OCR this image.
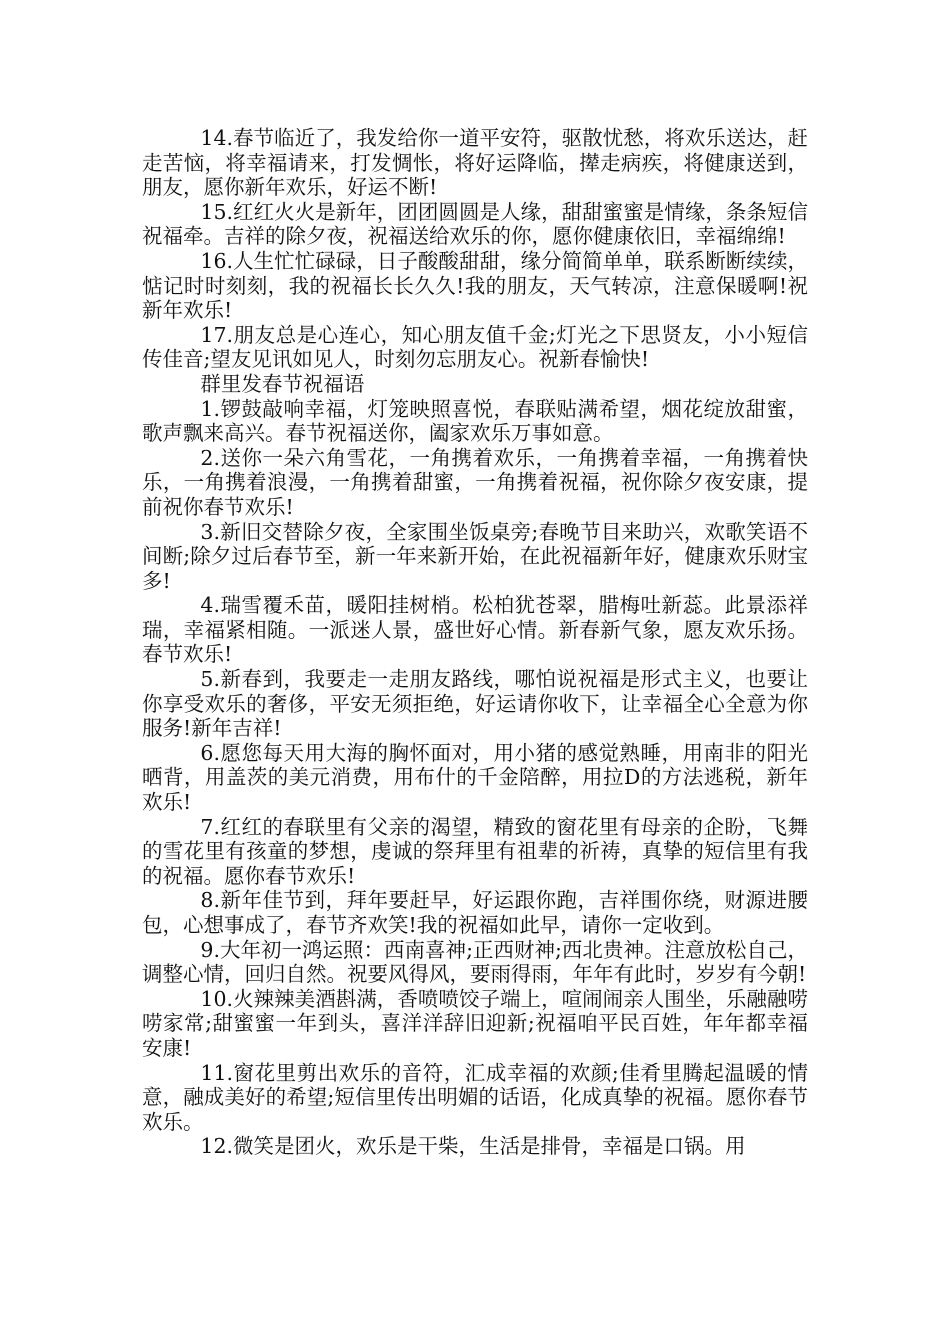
14.春节临近了，我发给你一道平安符，驱散忧愁，将欢乐送达，赶走苦恼，将幸福请来，打发惆怅，将好运降临，撵走病疾，将健康送到，朋友，愿你新年欢乐，好运不断!

15.红红火火是新年，团团圆圆是人缘，甜甜蜜蜜是情缘，条条短信祝福牵。吉祥的除夕夜，祝福送给欢乐的你，愿你健康依旧，幸福绵绵!

16.人生忙忙碌碌，日子酸酸甜甜，缘分简简单单，联系断断续续，惦记时时刻刻，我的祝福长长久久!我的朋友，天气转凉，注意保暖啊!祝新年欢乐!

17.朋友总是心连心，知心朋友值千金;灯光之下思贤友，小小短信传佳音;望友见讯如见人，时刻勿忘朋友心。祝新春愉快!

群里发春节祝福语

1.锣鼓敲响幸福，灯笼映照喜悦，春联贴满希望，烟花绽放甜蜜，歌声飘来高兴。春节祝福送你，阖家欢乐万事如意。

2.送你一朵六角雪花，一角携着欢乐，一角携着幸福，一角携着快乐，一角携着浪漫，一角携着甜蜜，一角携着祝福，祝你除夕夜安康，提前祝你春节欢乐!

3.新旧交替除夕夜，全家围坐饭桌旁;春晚节目来助兴，欢歌笑语不间断;除夕过后春节至，新一年来新开始，在此祝福新年好，健康欢乐财宝多!

4.瑞雪覆禾苗，暖阳挂树梢。松柏犹苍翠，腊梅吐新蕊。此景添祥瑞，幸福紧相随。一派迷人景，盛世好心情。新春新气象，愿友欢乐扬。春节欢乐!

5.新春到，我要走一走朋友路线，哪怕说祝福是形式主义，也要让你享受欢乐的奢侈，平安无须拒绝，好运请你收下，让幸福全心全意为你服务!新年吉祥!

6.愿您每天用大海的胸怀面对，用小猪的感觉熟睡，用南非的阳光晒背，用盖茨的美元消费，用布什的千金陪醉，用拉D的方法逃税，新年欢乐!

7.红红的春联里有父亲的渴望，精致的窗花里有母亲的企盼，飞舞的雪花里有孩童的梦想，虔诚的祭拜里有祖辈的祈祷，真挚的短信里有我的祝福。愿你春节欢乐!

8.新年佳节到，拜年要赶早，好运跟你跑，吉祥围你绕，财源进腰包，心想事成了，春节齐欢笑!我的祝福如此早，请你一定收到。

9.大年初一鸿运照：西南喜神;正西财神;西北贵神。注意放松自己，调整心情，回归自然。祝要风得风，要雨得雨，年年有此时，岁岁有今朝!

10.火辣辣美酒斟满，香喷喷饺子端上，喧闹闹亲人围坐，乐融融唠唠家常;甜蜜蜜一年到头，喜洋洋辞旧迎新;祝福咱平民百姓，年年都幸福安康!

11.窗花里剪出欢乐的音符，汇成幸福的欢颜;佳肴里腾起温暖的情意，融成美好的希望;短信里传出明媚的话语，化成真挚的祝福。愿你春节欢乐。

12.微笑是团火，欢乐是干柴，生活是排骨，幸福是口锅。用
